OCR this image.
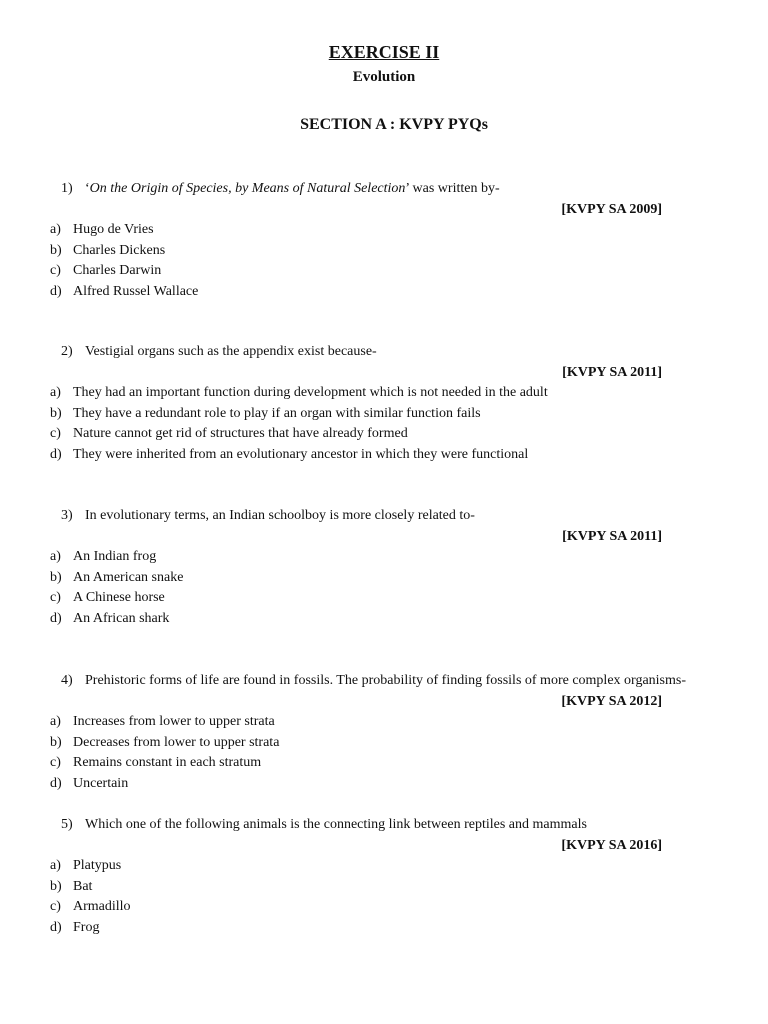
EXERCISE II
Evolution
SECTION A : KVPY PYQs
1) ‘On the Origin of Species, by Means of Natural Selection’ was written by-
[KVPY SA 2009]
a) Hugo de Vries
b) Charles Dickens
c) Charles Darwin
d) Alfred Russel Wallace
2) Vestigial organs such as the appendix exist because-
[KVPY SA 2011]
a) They had an important function during development which is not needed in the adult
b) They have a redundant role to play if an organ with similar function fails
c) Nature cannot get rid of structures that have already formed
d) They were inherited from an evolutionary ancestor in which they were functional
3) In evolutionary terms, an Indian schoolboy is more closely related to-
[KVPY SA 2011]
a) An Indian frog
b) An American snake
c) A Chinese horse
d) An African shark
4) Prehistoric forms of life are found in fossils. The probability of finding fossils of more complex organisms-
[KVPY SA 2012]
a) Increases from lower to upper strata
b) Decreases from lower to upper strata
c) Remains constant in each stratum
d) Uncertain
5) Which one of the following animals is the connecting link between reptiles and mammals
[KVPY SA 2016]
a) Platypus
b) Bat
c) Armadillo
d) Frog
